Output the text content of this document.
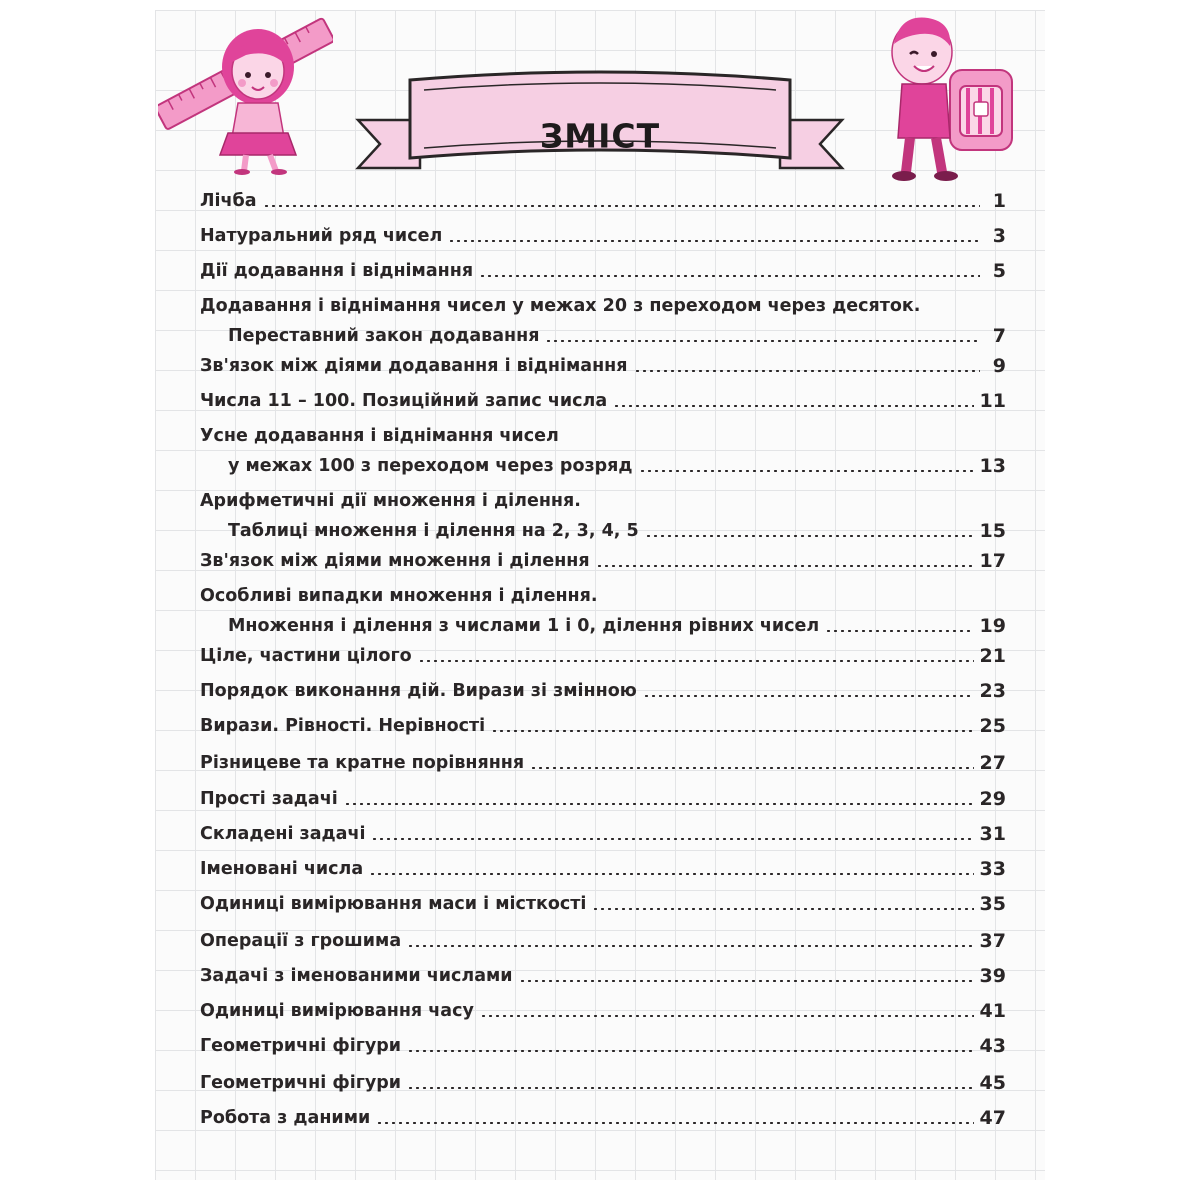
ЗМІСТ
Лічба	1
Натуральний ряд чисел	3
Дії додавання і віднімання	5
Додавання і віднімання чисел у межах 20 з переходом через десяток.
Переставний закон додавання	7
Зв'язок між діями додавання і віднімання	9
Числа 11 – 100. Позиційний запис числа	11
Усне додавання і віднімання чисел
у межах 100 з переходом через розряд	13
Арифметичні дії множення і ділення.
Таблиці множення і ділення на 2, 3, 4, 5	15
Зв'язок між діями множення і ділення	17
Особливі випадки множення і ділення.
Множення і ділення з числами 1 і 0, ділення рівних чисел	19
Ціле, частини цілого	21
Порядок виконання дій. Вирази зі змінною	23
Вирази. Рівності. Нерівності	25
Різницеве та кратне порівняння	27
Прості задачі	29
Складені задачі	31
Іменовані числа	33
Одиниці вимірювання маси і місткості	35
Операції з грошима	37
Задачі з іменованими числами	39
Одиниці вимірювання часу	41
Геометричні фігури	43
Геометричні фігури	45
Робота з даними	47
